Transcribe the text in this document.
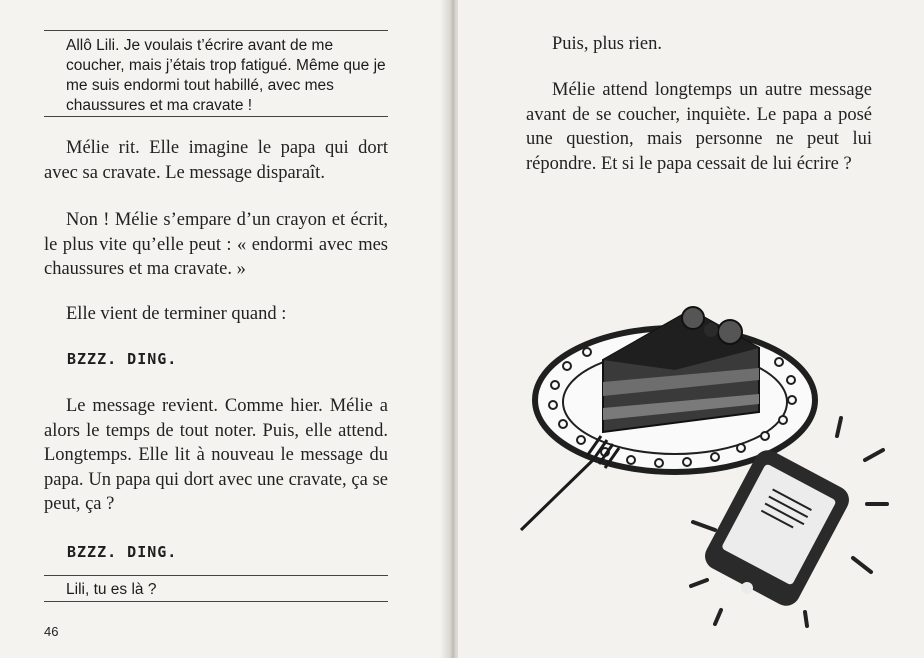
Allô Lili. Je voulais t’écrire avant de me coucher, mais j’étais trop fatigué. Même que je me suis endormi tout habillé, avec mes chaussures et ma cravate !

Mélie rit. Elle imagine le papa qui dort avec sa cravate. Le message disparaît.

Non ! Mélie s’empare d’un crayon et écrit, le plus vite qu’elle peut : « endormi avec mes chaussures et ma cravate. »

Elle vient de terminer quand :

BZZZ. DING.

Le message revient. Comme hier. Mélie a alors le temps de tout noter. Puis, elle attend. Longtemps. Elle lit à nouveau le message du papa. Un papa qui dort avec une cravate, ça se peut, ça ?

BZZZ. DING.
Lili, tu es là ?
46

Puis, plus rien.

Mélie attend longtemps un autre message avant de se coucher, inquiète. Le papa a posé une question, mais personne ne peut lui répondre. Et si le papa cessait de lui écrire ?
